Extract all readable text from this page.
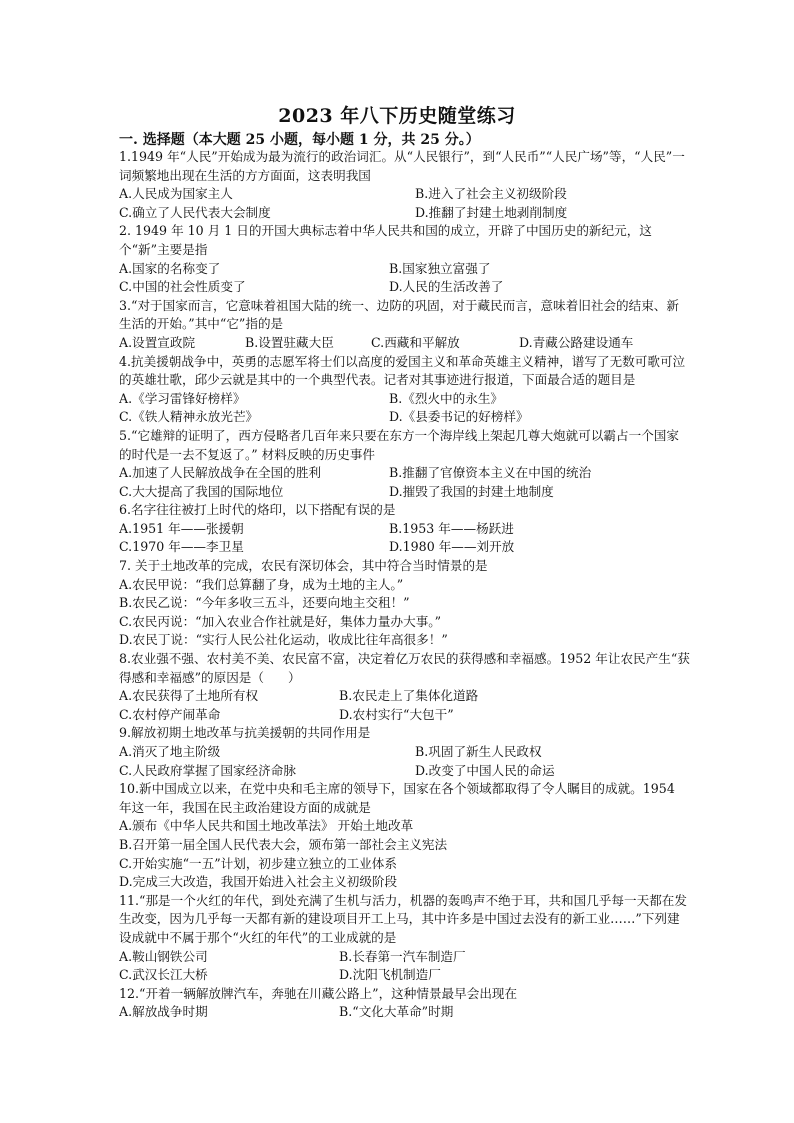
2023 年八下历史随堂练习
一. 选择题（本大题 25 小题，每小题 1 分，共 25 分。）
1.1949 年“人民”开始成为最为流行的政治词汇。从“人民银行”，到“人民币”“人民广场”等，“人民”一词频繁地出现在生活的方方面面，这表明我国
A.人民成为国家主人	B.进入了社会主义初级阶段
C.确立了人民代表大会制度	D.推翻了封建土地剥削制度
2. 1949 年 10 月 1 日的开国大典标志着中华人民共和国的成立，开辟了中国历史的新纪元，这个“新”主要是指
A.国家的名称变了	B.国家独立富强了
C.中国的社会性质变了	D.人民的生活改善了
3.“对于国家而言，它意味着祖国大陆的统一、边防的巩固，对于藏民而言，意味着旧社会的结束、新生活的开始。”其中“它”指的是
A.设置宣政院	B.设置驻藏大臣	C.西藏和平解放	D.青藏公路建设通车
4.抗美援朝战争中，英勇的志愿军将士们以高度的爱国主义和革命英雄主义精神，谱写了无数可歌可泣的英雄壮歌，邱少云就是其中的一个典型代表。记者对其事迹进行报道，下面最合适的题目是
A.《学习雷锋好榜样》	B.《烈火中的永生》
C.《铁人精神永放光芒》	D.《县委书记的好榜样》
5.“它雄辩的证明了，西方侵略者几百年来只要在东方一个海岸线上架起几尊大炮就可以霸占一个国家的时代是一去不复返了。” 材料反映的历史事件
A.加速了人民解放战争在全国的胜利	B.推翻了官僚资本主义在中国的统治
C.大大提高了我国的国际地位	D.摧毁了我国的封建土地制度
6.名字往往被打上时代的烙印，以下搭配有误的是
A.1951 年——张援朝	B.1953 年——杨跃进
C.1970 年——李卫星	D.1980 年——刘开放
7. 关于土地改革的完成，农民有深切体会，其中符合当时情景的是
A.农民甲说：“我们总算翻了身，成为土地的主人。”
B.农民乙说：“今年多收三五斗，还要向地主交租！”
C.农民丙说：“加入农业合作社就是好，集体力量办大事。”
D.农民丁说：“实行人民公社化运动，收成比往年高很多！”
8.农业强不强、农村美不美、农民富不富，决定着亿万农民的获得感和幸福感。1952 年让农民产生“获得感和幸福感”的原因是（      ）
A.农民获得了土地所有权	B.农民走上了集体化道路
C.农村停产闹革命	D.农村实行“大包干”
9.解放初期土地改革与抗美援朝的共同作用是
A.消灭了地主阶级	B.巩固了新生人民政权
C.人民政府掌握了国家经济命脉	D.改变了中国人民的命运
10.新中国成立以来，在党中央和毛主席的领导下，国家在各个领域都取得了令人瞩目的成就。1954 年这一年，我国在民主政治建设方面的成就是
A.颁布《中华人民共和国土地改革法》 开始土地改革
B.召开第一届全国人民代表大会，颁布第一部社会主义宪法
C.开始实施“一五”计划，初步建立独立的工业体系
D.完成三大改造，我国开始进入社会主义初级阶段
11.“那是一个火红的年代，到处充满了生机与活力，机器的轰鸣声不绝于耳，共和国几乎每一天都在发生改变，因为几乎每一天都有新的建设项目开工上马，其中许多是中国过去没有的新工业……”下列建设成就中不属于那个“火红的年代”的工业成就的是
A.鞍山钢铁公司	B.长春第一汽车制造厂
C.武汉长江大桥	D.沈阳飞机制造厂
12.“开着一辆解放牌汽车，奔驰在川藏公路上”，这种情景最早会出现在
A.解放战争时期	B.“文化大革命”时期
